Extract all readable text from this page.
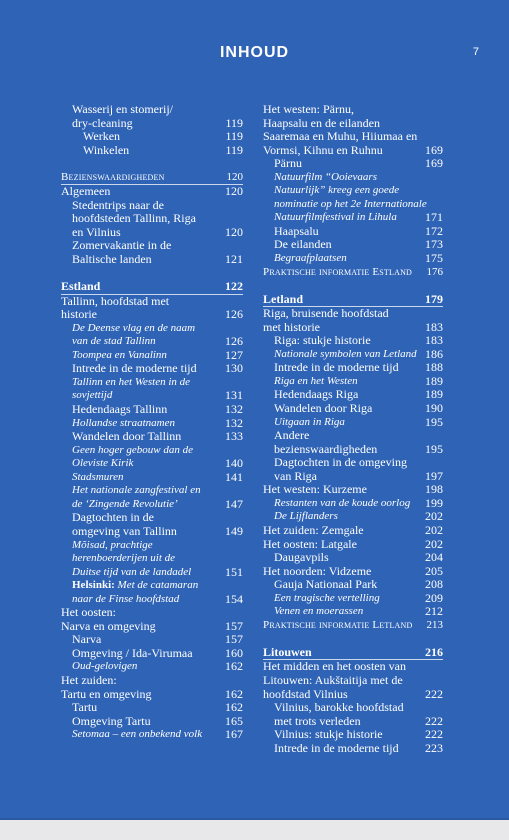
INHOUD	7
Wasserij en stomerij/
dry-cleaning	119
Werken	119
Winkelen	119
Bezienswaardigheden	120
Algemeen	120
Stedentrips naar de
hoofdsteden Tallinn, Riga
en Vilnius	120
Zomervakantie in de
Baltische landen	121
Estland	122
Tallinn, hoofdstad met
historie	126
De Deense vlag en de naam
van de stad Tallinn	126
Toompea en Vanalinn	127
Intrede in de moderne tijd 130
Tallinn en het Westen in de
sovjettijd	131
Hedendaags Tallinn	132
Hollandse straatnamen	132
Wandelen door Tallinn	133
Geen hoger gebouw dan de
Oleviste Kirik	140
Stadsmuren	141
Het nationale zangfestival en
de ‘Zingende Revolutie’	147
Dagtochten in de
omgeving van Tallinn	149
Mõisad, prachtige
herenboerderijen uit de
Duitse tijd van de landadel	151
Helsinki: Met de catamaran
naar de Finse hoofdstad	154
Het oosten:
Narva en omgeving	157
Narva	157
Omgeving / Ida-Virumaa	160
Oud-gelovigen	162
Het zuiden:
Tartu en omgeving	162
Tartu	162
Omgeving Tartu	165
Setomaa – een onbekend volk 167
Het westen: Pärnu,
Haapsalu en de eilanden
Saaremaa en Muhu, Hiiumaa en
Vormsi, Kihnu en Ruhnu	169
Pärnu	169
Natuurfilm “Ooievaars
Natuurlijk” kreeg een goede
nominatie op het 2e Internationale
Natuurfilmfestival in Lihula 171
Haapsalu	172
De eilanden	173
Begraafplaatsen	175
Praktische informatie Estland 176
Letland	179
Riga, bruisende hoofdstad
met historie	183
Riga: stukje historie	183
Nationale symbolen van Letland 186
Intrede in de moderne tijd 188
Riga en het Westen	189
Hedendaags Riga	189
Wandelen door Riga	190
Uitgaan in Riga	195
Andere
bezienswaardigheden	195
Dagtochten in de omgeving
van Riga	197
Het westen: Kurzeme	198
Restanten van de koude oorlog 199
De Lijflanders	202
Het zuiden: Zemgale	202
Het oosten: Latgale	202
Daugavpils	204
Het noorden: Vidzeme	205
Gauja Nationaal Park	208
Een tragische vertelling	209
Venen en moerassen	212
Praktische informatie Letland 213
Litouwen	216
Het midden en het oosten van
Litouwen: Aukštaitija met de
hoofdstad Vilnius	222
Vilnius, barokke hoofdstad
met trots verleden	222
Vilnius: stukje historie	222
Intrede in de moderne tijd 223
